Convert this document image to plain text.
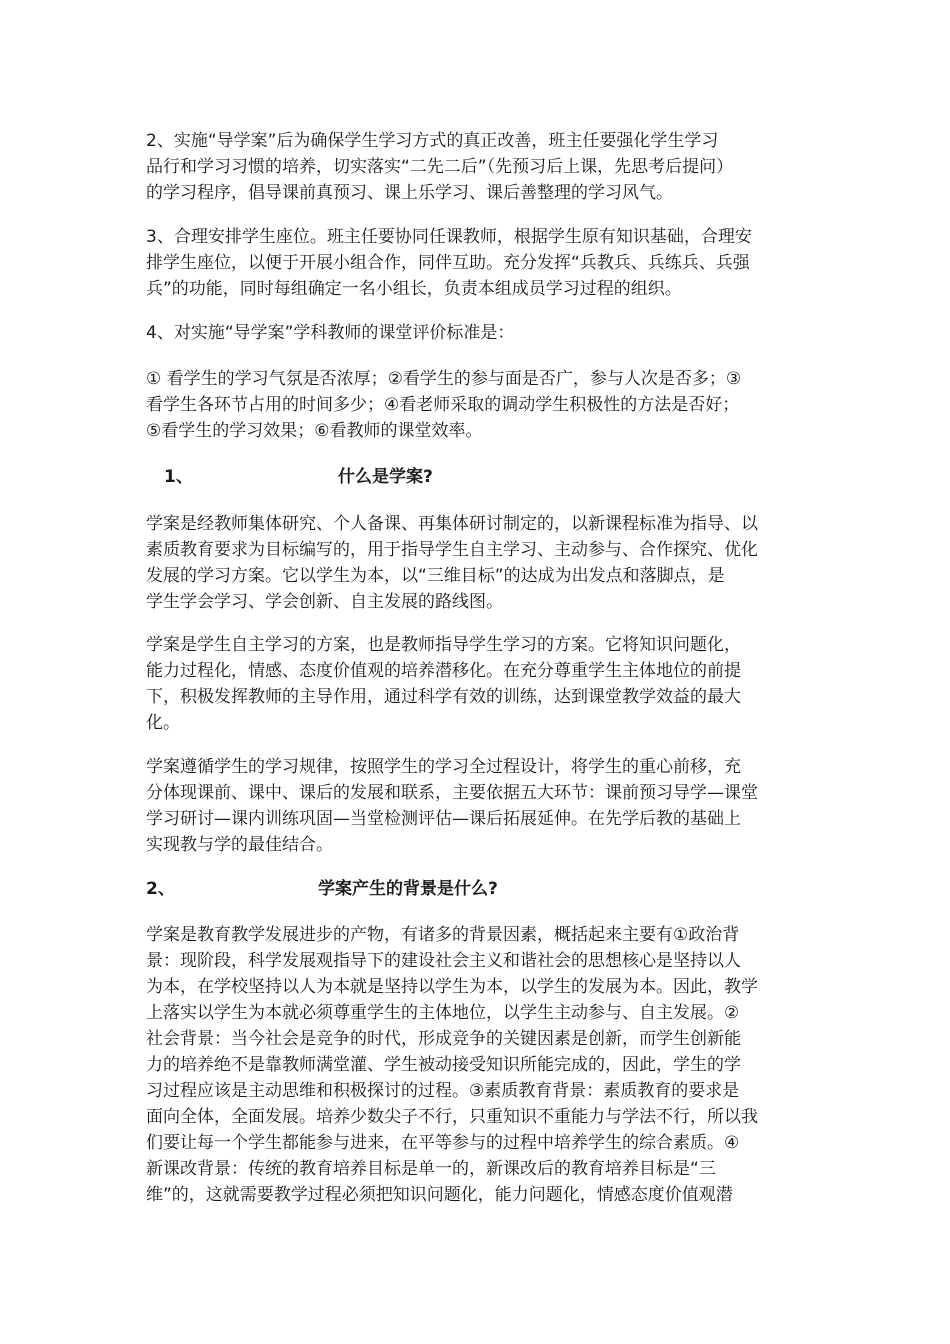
2、实施“导学案”后为确保学生学习方式的真正改善，班主任要强化学生学习
品行和学习习惯的培养，切实落实“二先二后”（先预习后上课，先思考后提问）
的学习程序，倡导课前真预习、课上乐学习、课后善整理的学习风气。
3、合理安排学生座位。班主任要协同任课教师，根据学生原有知识基础，合理安
排学生座位，以便于开展小组合作，同伴互助。充分发挥“兵教兵、兵练兵、兵强
兵”的功能，同时每组确定一名小组长，负责本组成员学习过程的组织。
4、对实施“导学案”学科教师的课堂评价标准是：
① 看学生的学习气氛是否浓厚；②看学生的参与面是否广，参与人次是否多；③
看学生各环节占用的时间多少；④看老师采取的调动学生积极性的方法是否好；
⑤看学生的学习效果；⑥看教师的课堂效率。
1、	什么是学案?
学案是经教师集体研究、个人备课、再集体研讨制定的，以新课程标准为指导、以
素质教育要求为目标编写的，用于指导学生自主学习、主动参与、合作探究、优化
发展的学习方案。它以学生为本，以“三维目标”的达成为出发点和落脚点，是
学生学会学习、学会创新、自主发展的路线图。
学案是学生自主学习的方案，也是教师指导学生学习的方案。它将知识问题化，
能力过程化，情感、态度价值观的培养潜移化。在充分尊重学生主体地位的前提
下，积极发挥教师的主导作用，通过科学有效的训练，达到课堂教学效益的最大
化。
学案遵循学生的学习规律，按照学生的学习全过程设计，将学生的重心前移，充
分体现课前、课中、课后的发展和联系，主要依据五大环节：课前预习导学—课堂
学习研讨—课内训练巩固—当堂检测评估—课后拓展延伸。在先学后教的基础上
实现教与学的最佳结合。
2、	学案产生的背景是什么?
学案是教育教学发展进步的产物，有诸多的背景因素，概括起来主要有①政治背
景：现阶段，科学发展观指导下的建设社会主义和谐社会的思想核心是坚持以人
为本，在学校坚持以人为本就是坚持以学生为本，以学生的发展为本。因此，教学
上落实以学生为本就必须尊重学生的主体地位，以学生主动参与、自主发展。②
社会背景：当今社会是竞争的时代，形成竞争的关键因素是创新，而学生创新能
力的培养绝不是靠教师满堂灌、学生被动接受知识所能完成的，因此，学生的学
习过程应该是主动思维和积极探讨的过程。③素质教育背景：素质教育的要求是
面向全体，全面发展。培养少数尖子不行，只重知识不重能力与学法不行，所以我
们要让每一个学生都能参与进来，在平等参与的过程中培养学生的综合素质。④
新课改背景：传统的教育培养目标是单一的，新课改后的教育培养目标是“三
维”的，这就需要教学过程必须把知识问题化，能力问题化，情感态度价值观潜
